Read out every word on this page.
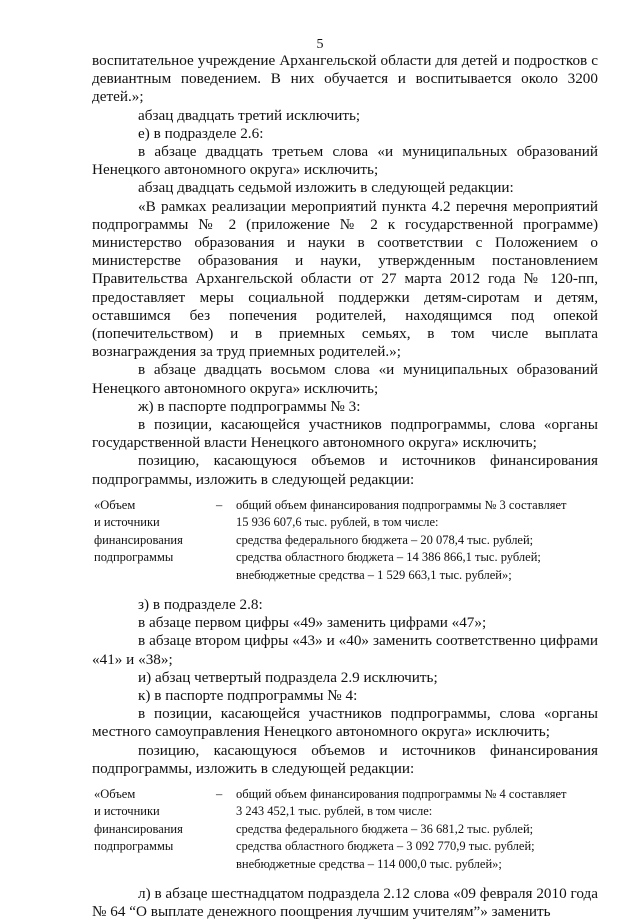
5

воспитательное учреждение Архангельской области для детей и подростков с девиантным поведением. В них обучается и воспитывается около 3200 детей.»;

абзац двадцать третий исключить;

е) в подразделе 2.6:

в абзаце двадцать третьем слова «и муниципальных образований Ненецкого автономного округа» исключить;

абзац двадцать седьмой изложить в следующей редакции:

«В рамках реализации мероприятий пункта 4.2 перечня мероприятий подпрограммы № 2 (приложение № 2 к государственной программе) министерство образования и науки в соответствии с Положением о министерстве образования и науки, утвержденным постановлением Правительства Архангельской области от 27 марта 2012 года № 120-пп, предоставляет меры социальной поддержки детям-сиротам и детям, оставшимся без попечения родителей, находящимся под опекой (попечительством) и в приемных семьях, в том числе выплата вознаграждения за труд приемных родителей.»;

в абзаце двадцать восьмом слова «и муниципальных образований Ненецкого автономного округа» исключить;

ж) в паспорте подпрограммы № 3:

в позиции, касающейся участников подпрограммы, слова «органы государственной власти Ненецкого автономного округа» исключить;

позицию, касающуюся объемов и источников финансирования подпрограммы, изложить в следующей редакции:

«Объем
и источники
финансирования
подпрограммы
–	общий объем финансирования подпрограммы № 3 составляет
15 936 607,6 тыс. рублей, в том числе:
средства федерального бюджета – 20 078,4 тыс. рублей;
средства областного бюджета – 14 386 866,1 тыс. рублей;
внебюджетные средства – 1 529 663,1 тыс. рублей»;

з) в подразделе 2.8:

в абзаце первом цифры «49» заменить цифрами «47»;

в абзаце втором цифры «43» и «40» заменить соответственно цифрами «41» и «38»;

и) абзац четвертый подраздела 2.9 исключить;

к) в паспорте подпрограммы № 4:

в позиции, касающейся участников подпрограммы, слова «органы местного самоуправления Ненецкого автономного округа» исключить;

позицию, касающуюся объемов и источников финансирования подпрограммы, изложить в следующей редакции:

«Объем
и источники
финансирования
подпрограммы
–	общий объем финансирования подпрограммы № 4 составляет
3 243 452,1 тыс. рублей, в том числе:
средства федерального бюджета – 36 681,2 тыс. рублей;
средства областного бюджета – 3 092 770,9 тыс. рублей;
внебюджетные средства – 114 000,0 тыс. рублей»;

л) в абзаце шестнадцатом подраздела 2.12 слова «09 февраля 2010 года № 64 “О выплате денежного поощрения лучшим учителям”» заменить
